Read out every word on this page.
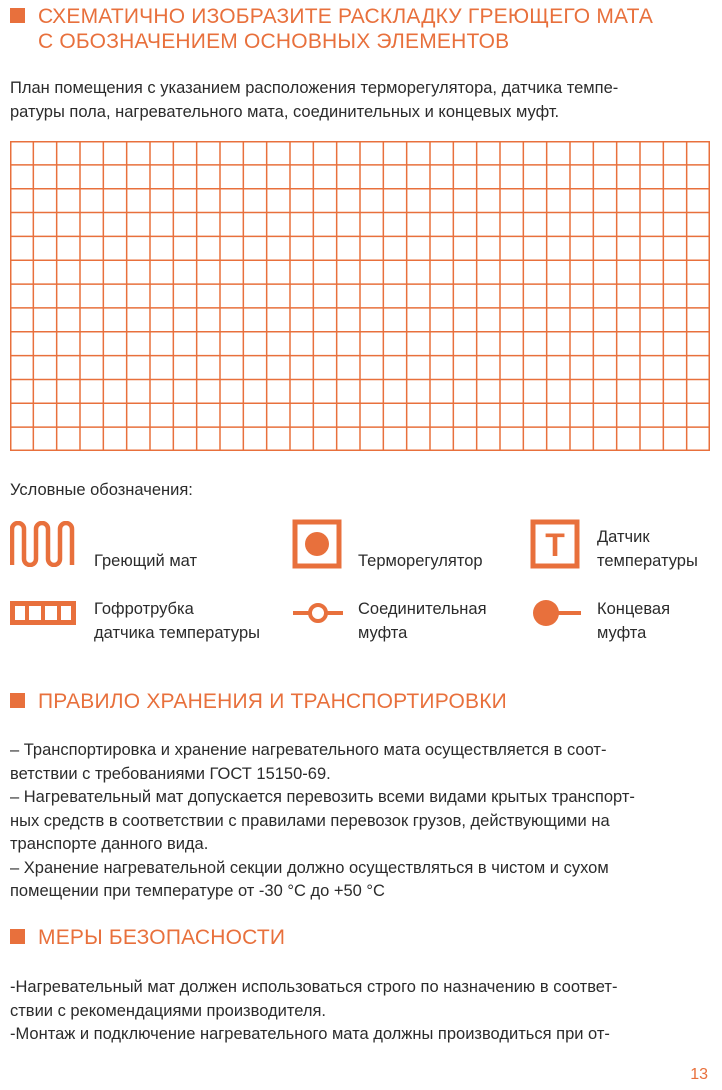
СХЕМАТИЧНО ИЗОБРАЗИТЕ РАСКЛАДКУ ГРЕЮЩЕГО МАТА
С ОБОЗНАЧЕНИЕМ ОСНОВНЫХ ЭЛЕМЕНТОВ

План помещения с указанием расположения терморегулятора, датчика темпе-

ратуры пола, нагревательного мата, соединительных и концевых муфт.

Условные обозначения:
Греющий мат	Терморегулятор T Датчик
температуры
Гофротрубка
датчика температуры
Соединительная
муфта
Концевая
муфта
ПРАВИЛО ХРАНЕНИЯ И ТРАНСПОРТИРОВКИ

– Транспортировка и хранение нагревательного мата осуществляется в соот-

ветствии с требованиями ГОСТ 15150-69.

– Нагревательный мат допускается перевозить всеми видами крытых транспорт-

ных средств в соответствии с правилами перевозок грузов, действующими на

транспорте данного вида.

– Хранение нагревательной секции должно осуществляться в чистом и сухом

помещении при температуре от -30 °C до +50 °C

МЕРЫ БЕЗОПАСНОСТИ

-Нагревательный мат должен использоваться строго по назначению в соответ-

ствии с рекомендациями производителя.

-Монтаж и подключение нагревательного мата должны производиться при от-

13
